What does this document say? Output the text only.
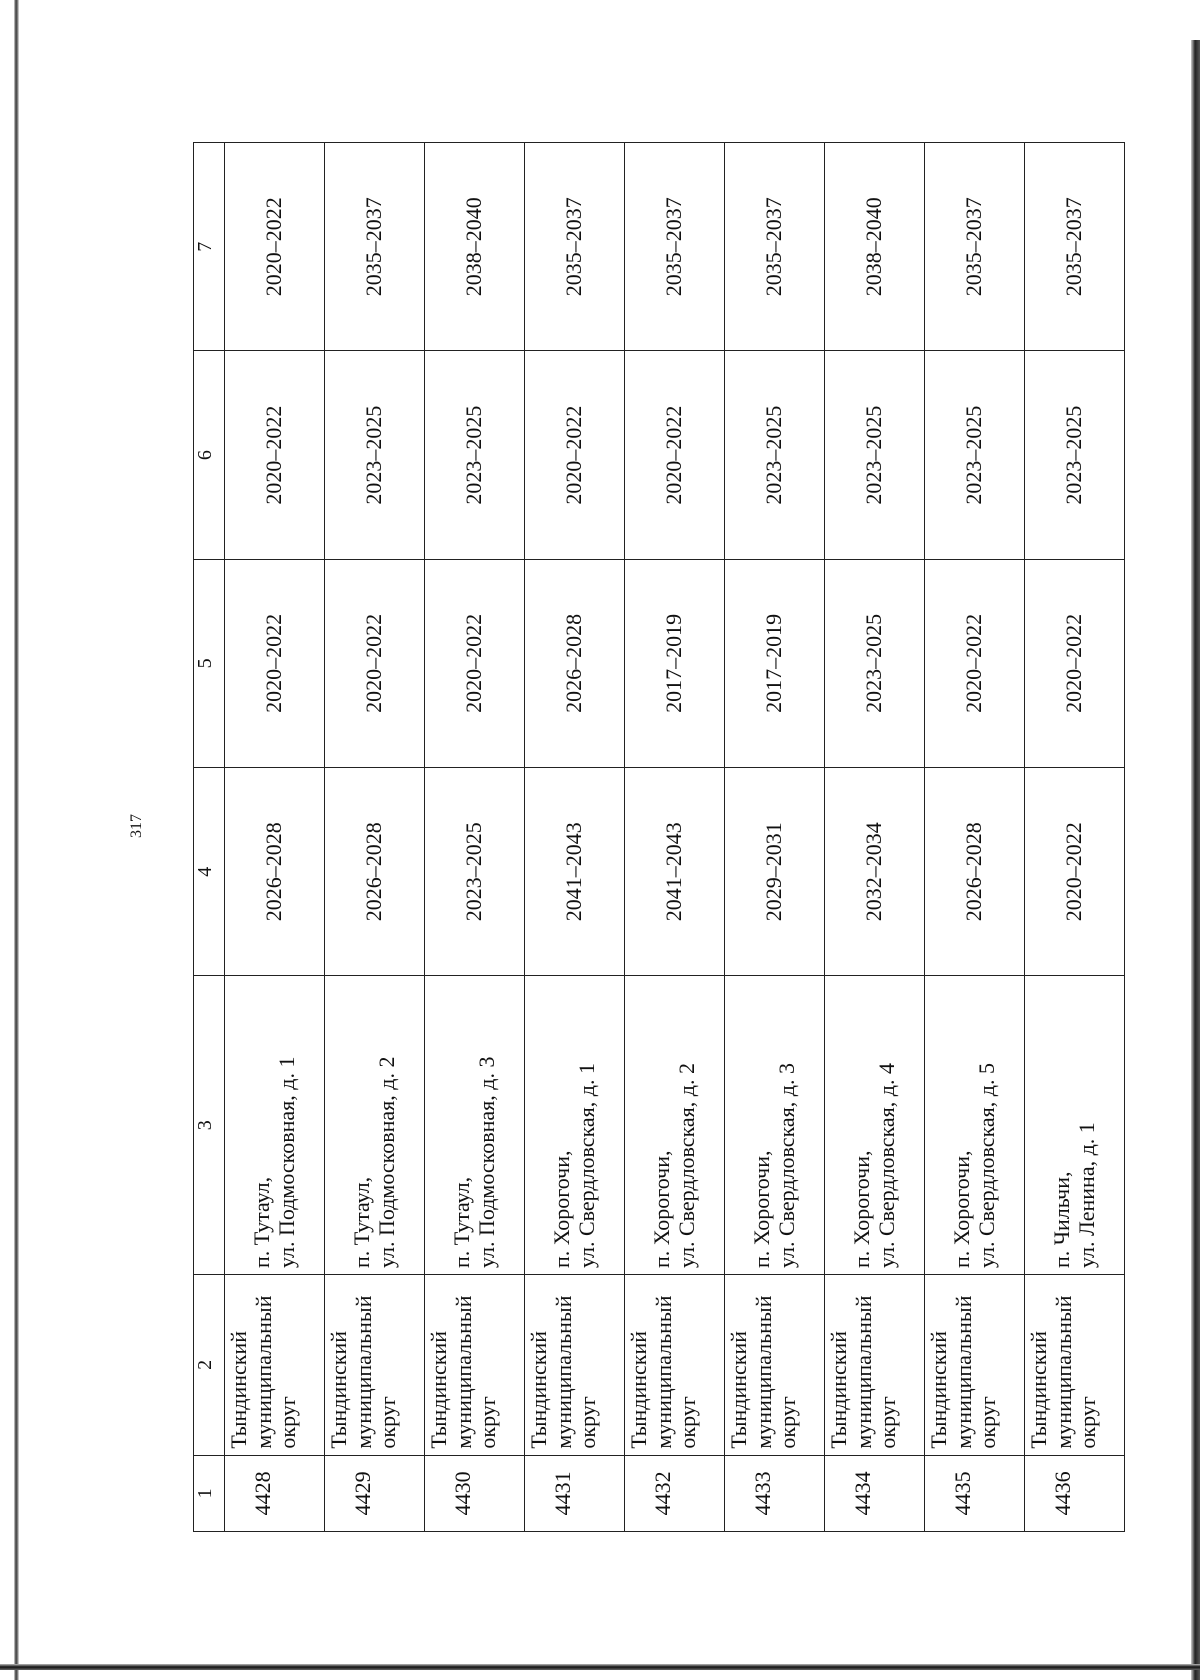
317
1	2	3	4	5	6	7
4428	Тындинский муниципальный округ	п. Тутаул, ул. Подмосковная, д. 1	2026–2028	2020–2022	2020–2022	2020–2022
4429	Тындинский муниципальный округ	п. Тутаул, ул. Подмосковная, д. 2	2026–2028	2020–2022	2023–2025	2035–2037
4430	Тындинский муниципальный округ	п. Тутаул, ул. Подмосковная, д. 3	2023–2025	2020–2022	2023–2025	2038–2040
4431	Тындинский муниципальный округ	п. Хорогочи, ул. Свердловская, д. 1	2041–2043	2026–2028	2020–2022	2035–2037
4432	Тындинский муниципальный округ	п. Хорогочи, ул. Свердловская, д. 2	2041–2043	2017–2019	2020–2022	2035–2037
4433	Тындинский муниципальный округ	п. Хорогочи, ул. Свердловская, д. 3	2029–2031	2017–2019	2023–2025	2035–2037
4434	Тындинский муниципальный округ	п. Хорогочи, ул. Свердловская, д. 4	2032–2034	2023–2025	2023–2025	2038–2040
4435	Тындинский муниципальный округ	п. Хорогочи, ул. Свердловская, д. 5	2026–2028	2020–2022	2023–2025	2035–2037
4436	Тындинский муниципальный округ	п. Чильчи, ул. Ленина, д. 1	2020–2022	2020–2022	2023–2025	2035–2037
